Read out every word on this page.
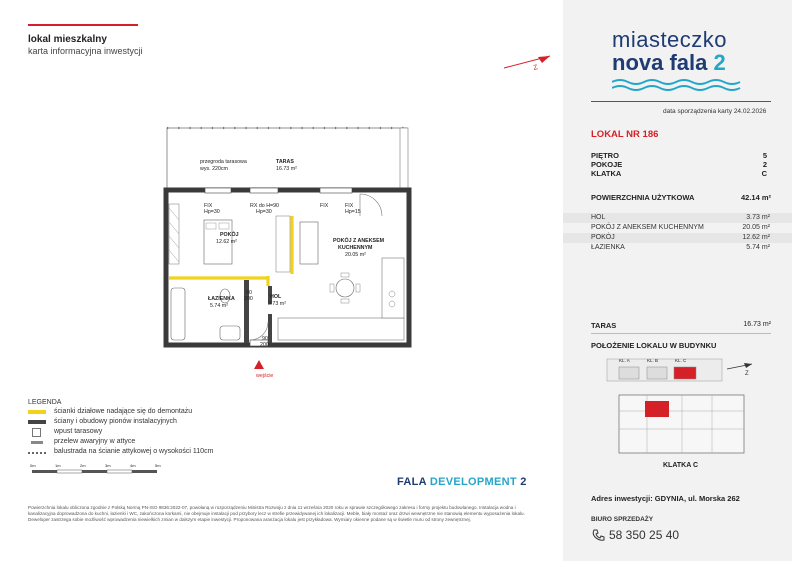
lokal mieszkalny
karta informacyjna inwestycji
Z
przegroda tarasowa
wys. 220cm
TARAS
16.73 m²
FIX
Hp=30
RX do H=90
Hp=30
FIX	FIX
Hp=15
POKÓJ
12.62 m²	POKÓJ Z ANEKSEM
KUCHENNYM
20.05 m²
ŁAZIENKA
5.74 m²
HOL
3.73 m²
80
200
90
200
wejście
LEGENDA
ścianki działowe nadające się do demontażu
ściany i obudowy pionów instalacyjnych
wpust tarasowy
przelew awaryjny w attyce
balustrada na ścianie attykowej o wysokości 110cm
0m	1m	2m	3m	4m	5m
FALA DEVELOPMENT 2
Powierzchnia lokalu obliczona zgodnie z Polską Normą PN-ISO 9836:2022-07, powołaną w rozporządzeniu Ministra Rozwoju z dnia 11 września 2020 roku w sprawie szczegółowego zakresu i formy projektu budowlanego. Instalacja wodna i kanalizacyjna doprowadzona do kuchni, łazienki i WC, zakończona korkami, nie obejmuje instalacji pod przybory lecz w strefie przewidywanej ich lokalizacji. Meble, biały montaż oraz drzwi wewnętrzne nie stanowią elementu wyposażenia lokalu. Deweloper zastrzega sobie możliwość wprowadzenia niewielkich zmian w dalszym etapie inwestycji. Proponowana aranżacja lokalu jest przykładowa. Wymiary okienne podane są w świetle muru od strony zewnętrznej.
miasteczko
nova fala 2
data sporządzenia karty 24.02.2026
LOKAL NR 186
PIĘTRO	5
POKOJE	2
KLATKA	C
POWIERZCHNIA UŻYTKOWA	42.14 m²
HOL	3.73 m²
POKÓJ Z ANEKSEM KUCHENNYM	20.05 m²
POKÓJ	12.62 m²
ŁAZIENKA	5.74 m²
TARAS	16.73 m²
POŁOŻENIE LOKALU W BUDYNKU
Z
KL. A	KL. B	KL. C
KLATKA C
Adres inwestycji: GDYNIA, ul. Morska 262
BIURO SPRZEDAŻY
58 350 25 40
